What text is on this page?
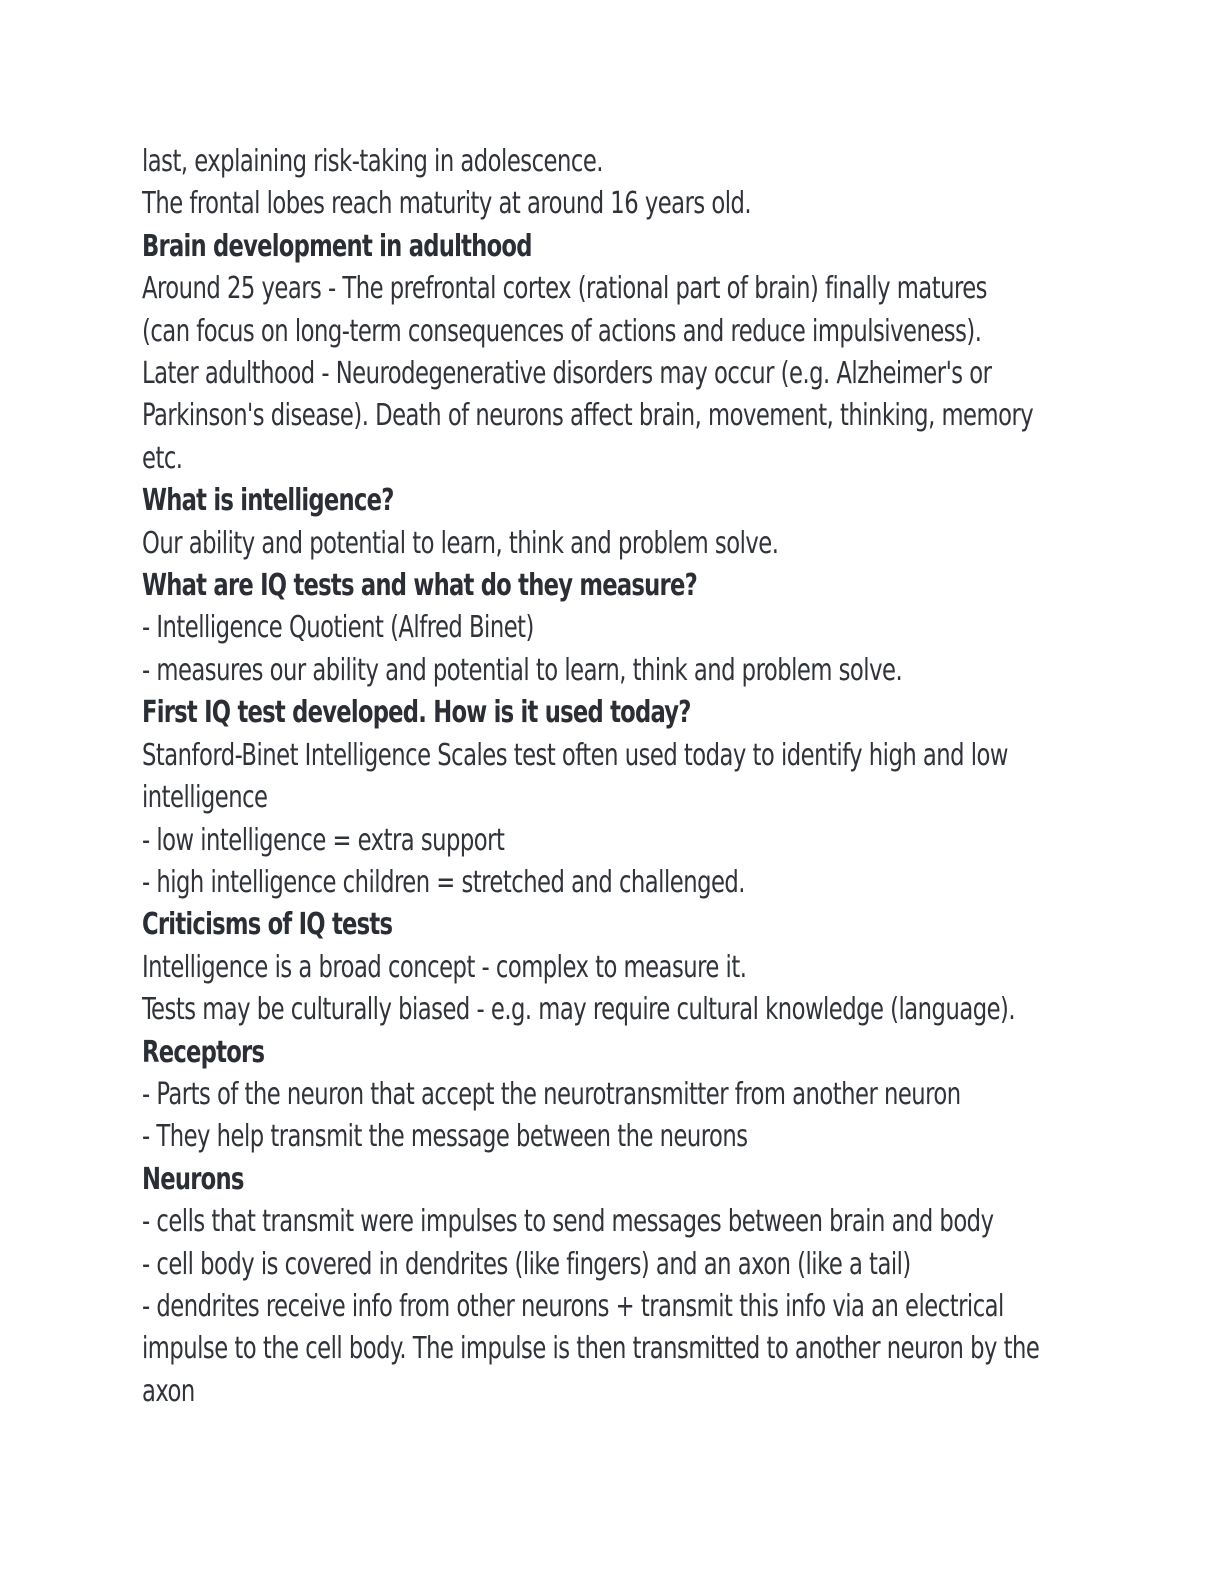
last, explaining risk-taking in adolescence.
The frontal lobes reach maturity at around 16 years old.
Brain development in adulthood
Around 25 years - The prefrontal cortex (rational part of brain) finally matures
(can focus on long-term consequences of actions and reduce impulsiveness).
Later adulthood - Neurodegenerative disorders may occur (e.g. Alzheimer's or
Parkinson's disease). Death of neurons affect brain, movement, thinking, memory
etc.
What is intelligence?
Our ability and potential to learn, think and problem solve.
What are IQ tests and what do they measure?
- Intelligence Quotient (Alfred Binet)
- measures our ability and potential to learn, think and problem solve.
First IQ test developed. How is it used today?
Stanford-Binet Intelligence Scales test often used today to identify high and low
intelligence
- low intelligence = extra support
- high intelligence children = stretched and challenged.
Criticisms of IQ tests
Intelligence is a broad concept - complex to measure it.
Tests may be culturally biased - e.g. may require cultural knowledge (language).
Receptors
- Parts of the neuron that accept the neurotransmitter from another neuron
- They help transmit the message between the neurons
Neurons
- cells that transmit were impulses to send messages between brain and body
- cell body is covered in dendrites (like fingers) and an axon (like a tail)
- dendrites receive info from other neurons + transmit this info via an electrical
impulse to the cell body. The impulse is then transmitted to another neuron by the
axon
